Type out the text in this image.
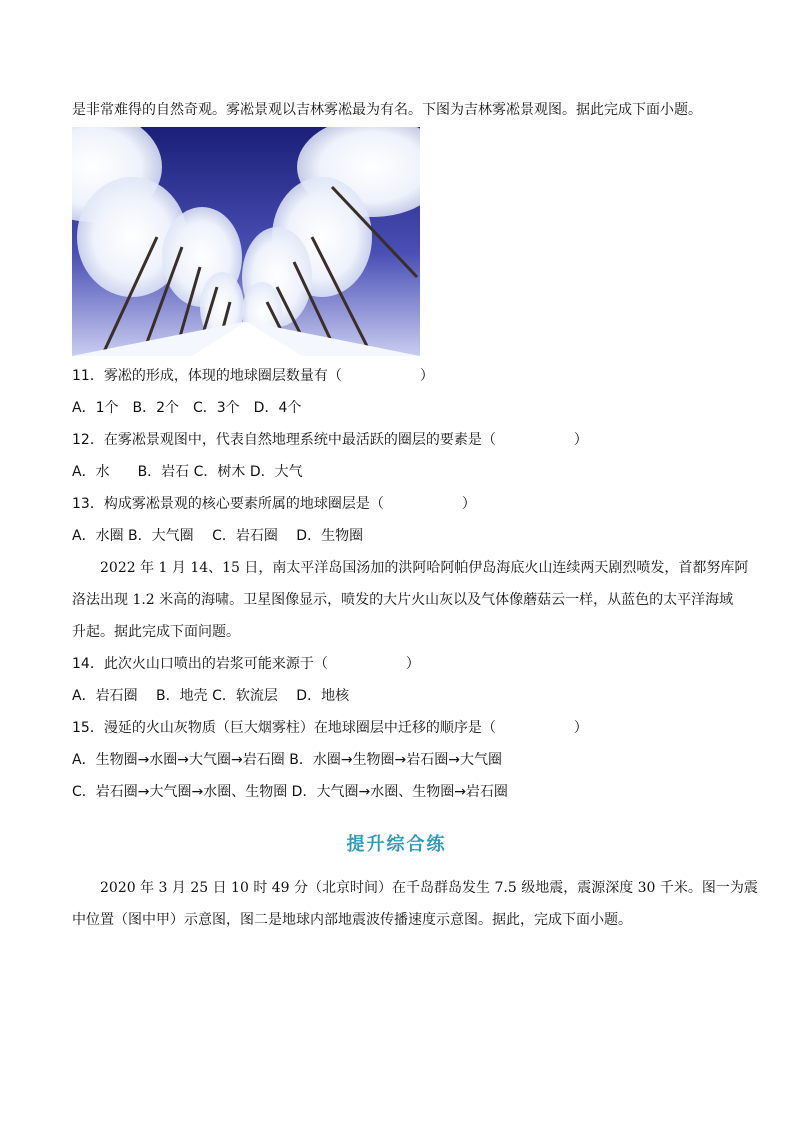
是非常难得的自然奇观。雾凇景观以吉林雾凇最为有名。下图为吉林雾凇景观图。据此完成下面小题。
11．雾凇的形成，体现的地球圈层数量有（	）
A．1个　B．2个　C．3个　D．4个
12．在雾凇景观图中，代表自然地理系统中最活跃的圈层的要素是（	）
A．水　　B．岩石 C．树木 D．大气
13．构成雾凇景观的核心要素所属的地球圈层是（	）
A．水圈 B．大气圈　 C．岩石圈　 D．生物圈
2022 年 1 月 14、15 日，南太平洋岛国汤加的洪阿哈阿帕伊岛海底火山连续两天剧烈喷发，首都努库阿
洛法出现 1.2 米高的海啸。卫星图像显示，喷发的大片火山灰以及气体像蘑菇云一样，从蓝色的太平洋海域
升起。据此完成下面问题。
14．此次火山口喷出的岩浆可能来源于（	）
A．岩石圈　 B．地壳 C．软流层　 D．地核
15．漫延的火山灰物质（巨大烟雾柱）在地球圈层中迁移的顺序是（	）
A．生物圈→水圈→大气圈→岩石圈 B．水圈→生物圈→岩石圈→大气圈
C．岩石圈→大气圈→水圈、生物圈 D．大气圈→水圈、生物圈→岩石圈
提升综合练
2020 年 3 月 25 日 10 时 49 分（北京时间）在千岛群岛发生 7.5 级地震，震源深度 30 千米。图一为震
中位置（图中甲）示意图，图二是地球内部地震波传播速度示意图。据此，完成下面小题。
